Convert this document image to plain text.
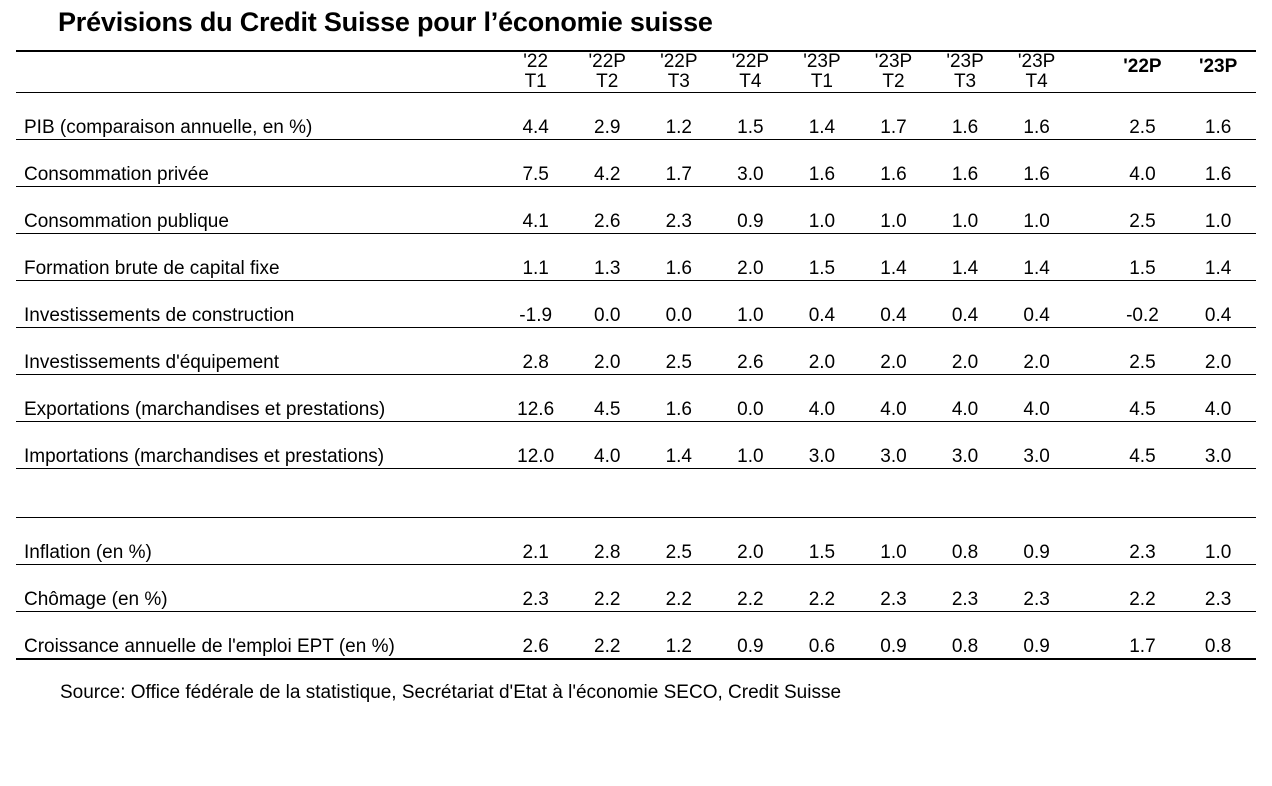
Prévisions du Credit Suisse pour l’économie suisse
	'22	'22P	'22P	'22P	'23P	'23P	'23P	'23P		'22P	'23P
	T1	T2	T3	T4	T1	T2	T3	T4			
PIB (comparaison annuelle, en %)	4.4	2.9	1.2	1.5	1.4	1.7	1.6	1.6		2.5	1.6
Consommation privée	7.5	4.2	1.7	3.0	1.6	1.6	1.6	1.6		4.0	1.6
Consommation publique	4.1	2.6	2.3	0.9	1.0	1.0	1.0	1.0		2.5	1.0
Formation brute de capital fixe	1.1	1.3	1.6	2.0	1.5	1.4	1.4	1.4		1.5	1.4
Investissements de construction	-1.9	0.0	0.0	1.0	0.4	0.4	0.4	0.4		-0.2	0.4
Investissements d'équipement	2.8	2.0	2.5	2.6	2.0	2.0	2.0	2.0		2.5	2.0
Exportations (marchandises et prestations)	12.6	4.5	1.6	0.0	4.0	4.0	4.0	4.0		4.5	4.0
Importations (marchandises et prestations)	12.0	4.0	1.4	1.0	3.0	3.0	3.0	3.0		4.5	3.0

Inflation (en %)	2.1	2.8	2.5	2.0	1.5	1.0	0.8	0.9		2.3	1.0
Chômage (en %)	2.3	2.2	2.2	2.2	2.2	2.3	2.3	2.3		2.2	2.3
Croissance annuelle de l'emploi EPT (en %)	2.6	2.2	1.2	0.9	0.6	0.9	0.8	0.9		1.7	0.8

Source: Office fédérale de la statistique, Secrétariat d'Etat à l'économie SECO, Credit Suisse
